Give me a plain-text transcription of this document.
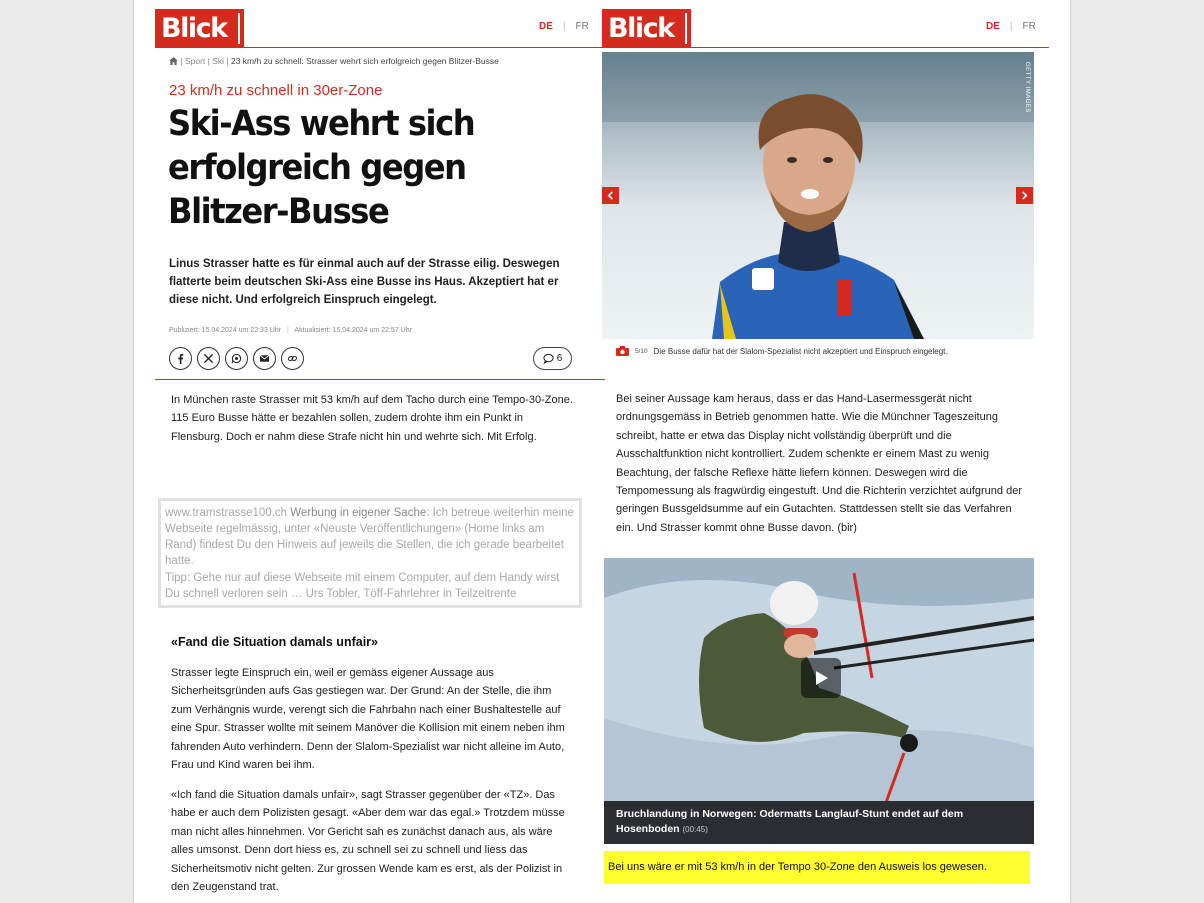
Blick	DE | FR
| Sport | Ski | 23 km/h zu schnell: Strasser wehrt sich erfolgreich gegen Blitzer-Busse
23 km/h zu schnell in 30er-Zone
Ski-Ass wehrt sich erfolgreich gegen Blitzer-Busse
Linus Strasser hatte es für einmal auch auf der Strasse eilig. Deswegen flatterte beim deutschen Ski-Ass eine Busse ins Haus. Akzeptiert hat er diese nicht. Und erfolgreich Einspruch eingelegt.
Publiziert: 15.04.2024 um 22:33 Uhr | Aktualisiert: 15.04.2024 um 22:57 Uhr
6
In München raste Strasser mit 53 km/h auf dem Tacho durch eine Tempo-30-Zone. 115 Euro Busse hätte er bezahlen sollen, zudem drohte ihm ein Punkt in Flensburg. Doch er nahm diese Strafe nicht hin und wehrte sich. Mit Erfolg.

www.tramstrasse100.ch Werbung in eigener Sache: Ich betreue weiterhin meine Webseite regelmässig, unter «Neuste Veröffentlichungen» (Home links am Rand) findest Du den Hinweis auf jeweils die Stellen, die ich gerade bearbeitet hatte.

Tipp: Gehe nur auf diese Webseite mit einem Computer, auf dem Handy wirst Du schnell verloren sein … Urs Tobler, Töff-Fahrlehrer in Teilzeitrente

«Fand die Situation damals unfair»
Strasser legte Einspruch ein, weil er gemäss eigener Aussage aus Sicherheitsgründen aufs Gas gestiegen war. Der Grund: An der Stelle, die ihm zum Verhängnis wurde, verengt sich die Fahrbahn nach einer Bushaltestelle auf eine Spur. Strasser wollte mit seinem Manöver die Kollision mit einem neben ihm fahrenden Auto verhindern. Denn der Slalom-Spezialist war nicht alleine im Auto, Frau und Kind waren bei ihm.
«Ich fand die Situation damals unfair», sagt Strasser gegenüber der «TZ». Das habe er auch dem Polizisten gesagt. «Aber dem war das egal.» Trotzdem müsse man nicht alles hinnehmen. Vor Gericht sah es zunächst danach aus, als wäre alles umsonst. Denn dort hiess es, zu schnell sei zu schnell und liess das Sicherheitsmotiv nicht gelten. Zur grossen Wende kam es erst, als der Polizist in den Zeugenstand trat.
Blick	DE | FR
GETTY IMAGES
5/10 Die Busse dafür hat der Slalom-Spezialist nicht akzeptiert und Einspruch eingelegt.
Bei seiner Aussage kam heraus, dass er das Hand-Lasermessgerät nicht ordnungsgemäss in Betrieb genommen hatte. Wie die Münchner Tageszeitung schreibt, hatte er etwa das Display nicht vollständig überprüft und die Ausschaltfunktion nicht kontrolliert. Zudem schenkte er einem Mast zu wenig Beachtung, der falsche Reflexe hätte liefern können. Deswegen wird die Tempomessung als fragwürdig eingestuft. Und die Richterin verzichtet aufgrund der geringen Bussgeldsumme auf ein Gutachten. Stattdessen stellt sie das Verfahren ein. Und Strasser kommt ohne Busse davon. (bir)
Bruchlandung in Norwegen: Odermatts Langlauf-Stunt endet auf dem Hosenboden (00:45)
Bei uns wäre er mit 53 km/h in der Tempo 30-Zone den Ausweis los gewesen.
